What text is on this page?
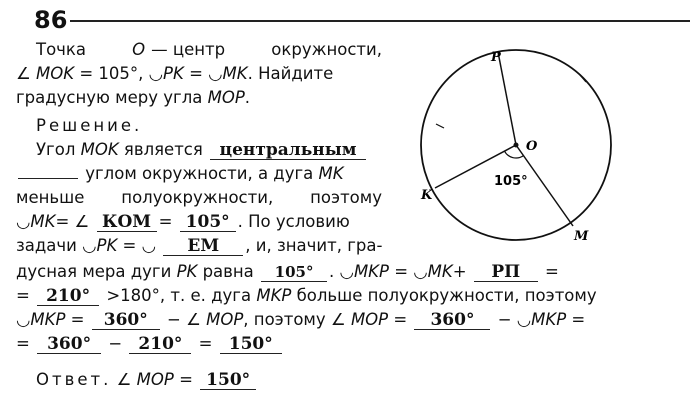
86
Точка	O — центр	окружности,
∠ MOK = 105°, ◡PK = ◡MK. Найдите
градусную меру угла MOP.
Решение.
Угол MOK является центральным
углом окружности, а дуга MK
меньше полуокружности, поэтому
◡MK= ∠ КОМ = 105° . По условию
задачи ◡PK = ◡ ЕМ , и, значит, гра-
дусная мера дуги PK равна 105° . ◡MKP = ◡MK+ РП =
= 210° >180°, т. е. дуга MKP больше полуокружности, поэтому
◡MKP = 360° − ∠ MOP, поэтому ∠ MOP = 360° − ◡MKP =
= 360° − 210° = 150°
Ответ. ∠ MOP = 150°
P
O
K
M
105°
